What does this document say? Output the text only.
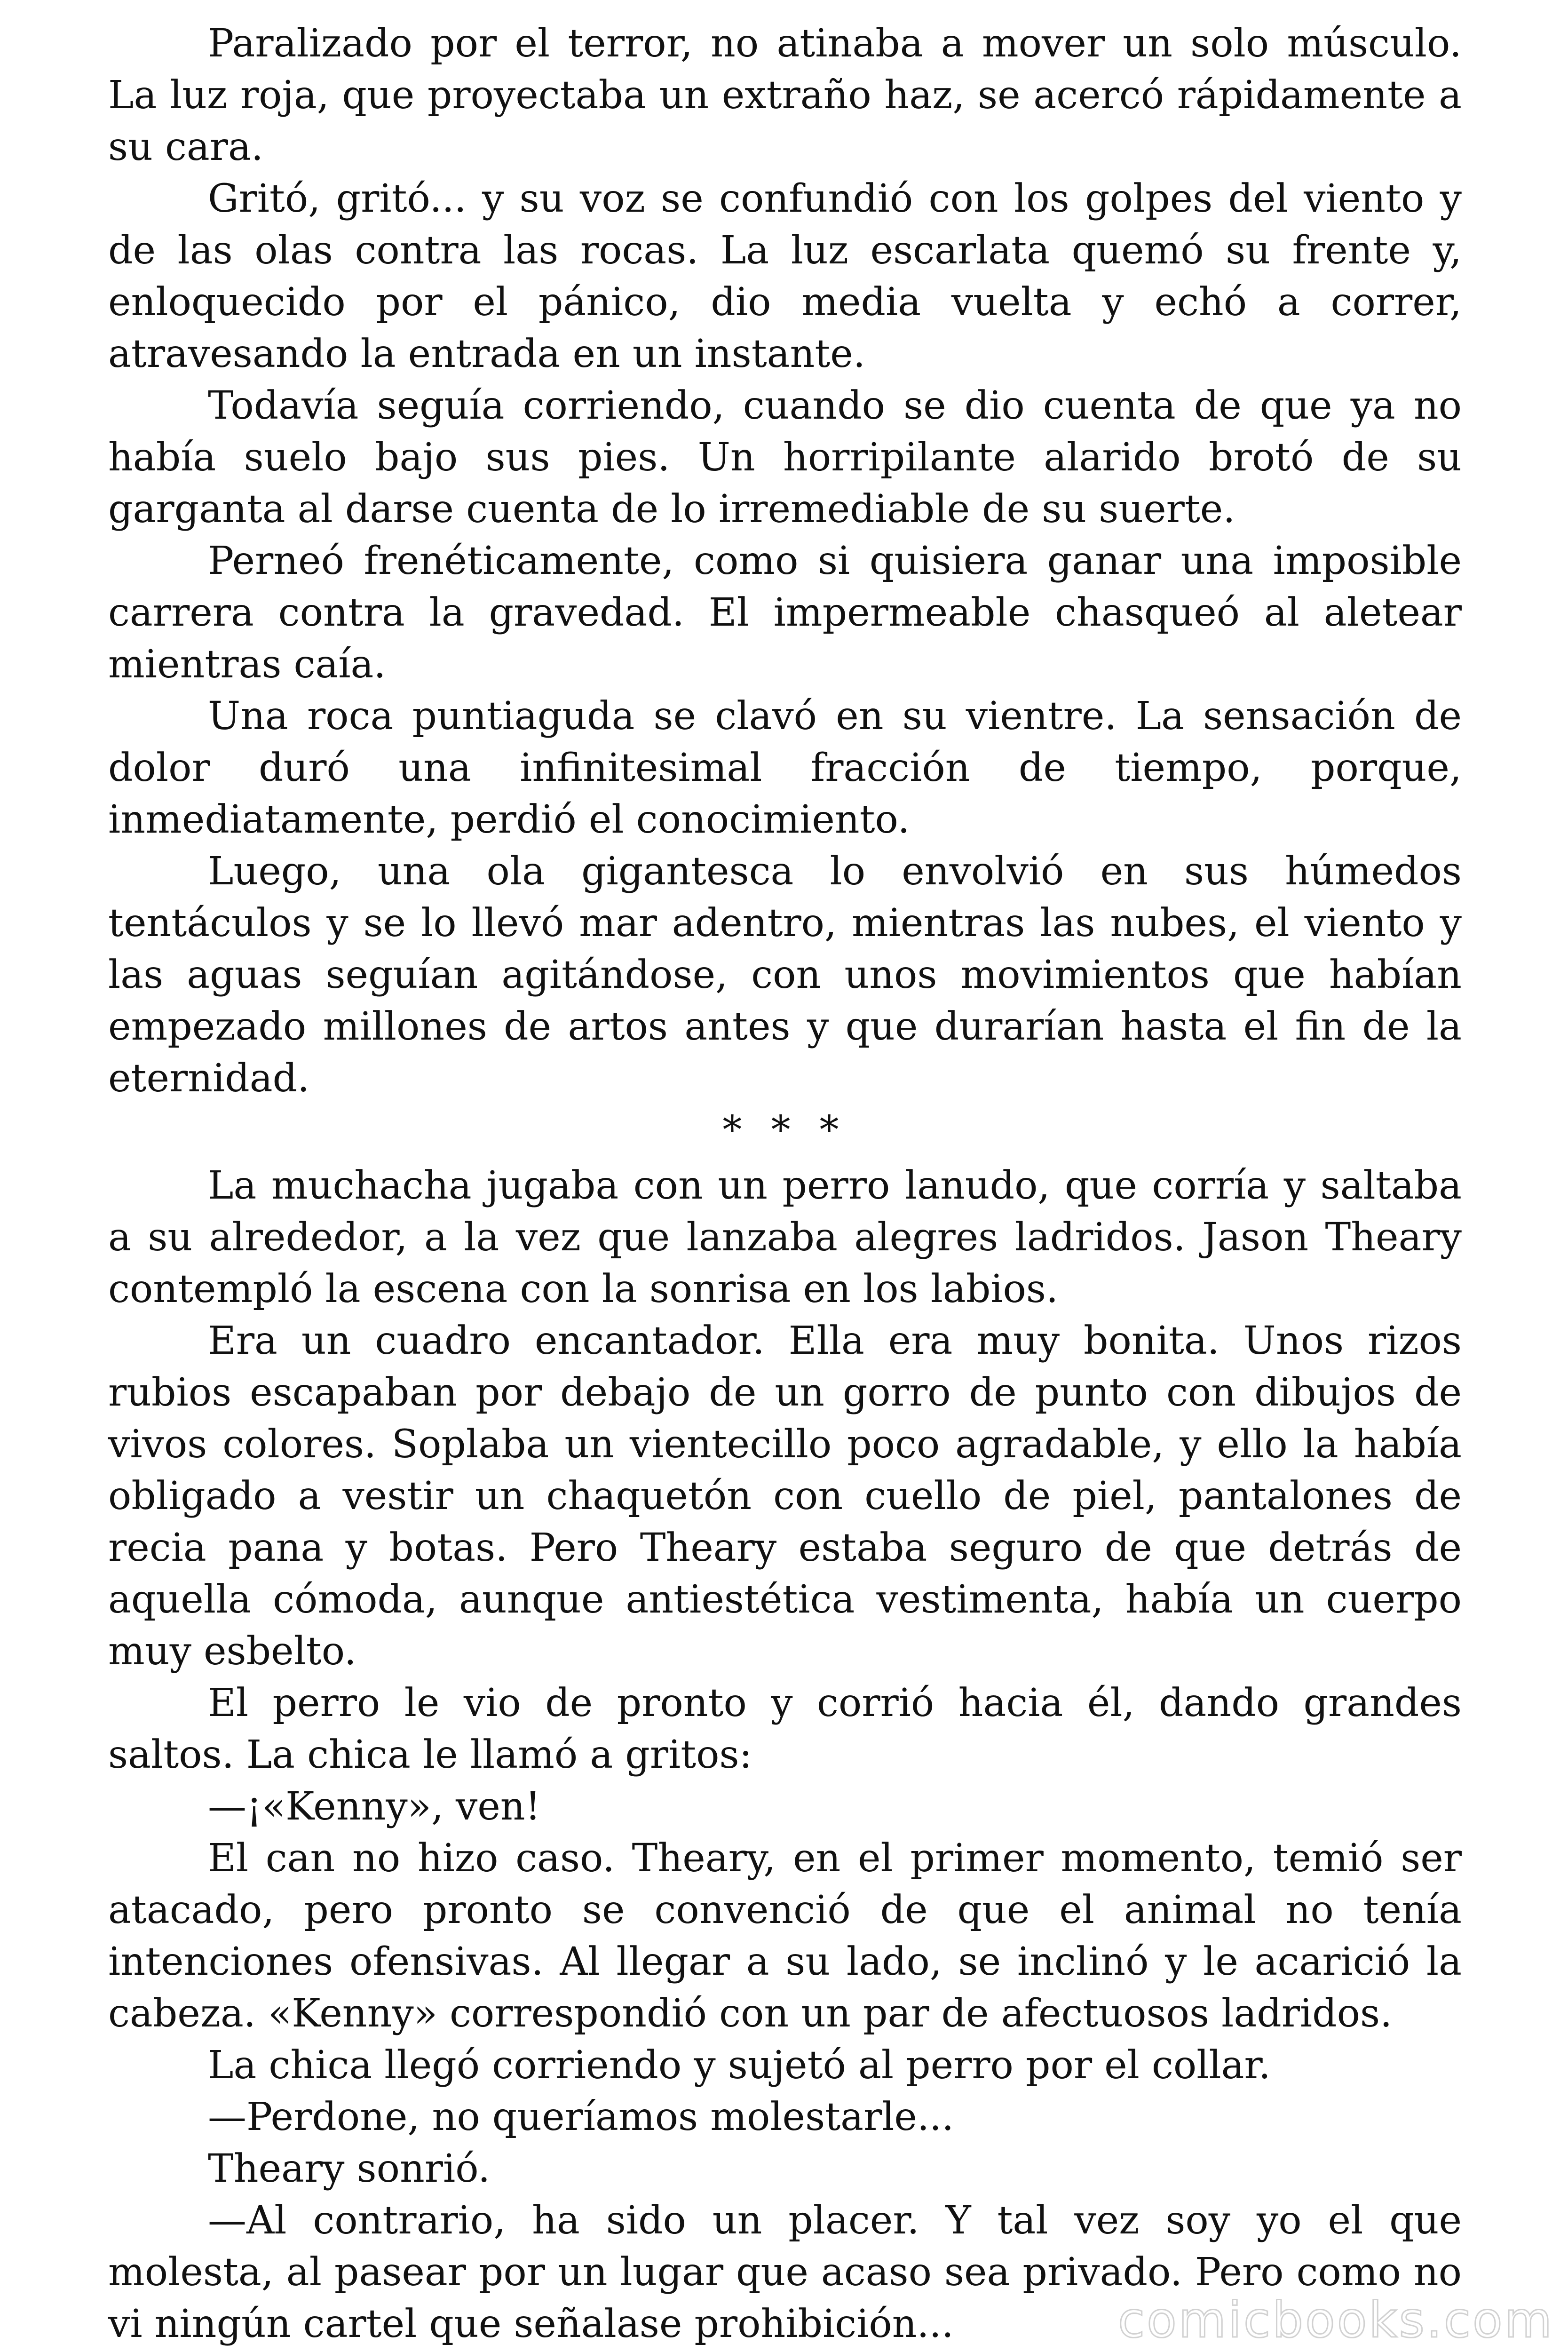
Paralizado por el terror, no atinaba a mover un solo músculo. La luz roja, que proyectaba un extraño haz, se acercó rápidamente a su cara.

Gritó, gritó... y su voz se confundió con los golpes del viento y de las olas contra las rocas. La luz escarlata quemó su frente y, enloquecido por el pánico, dio media vuelta y echó a correr, atravesando la entrada en un instante.

Todavía seguía corriendo, cuando se dio cuenta de que ya no había suelo bajo sus pies. Un horripilante alarido brotó de su garganta al darse cuenta de lo irremediable de su suerte.

Perneó frenéticamente, como si quisiera ganar una imposible carrera contra la gravedad. El impermeable chasqueó al aletear mientras caía.

Una roca puntiaguda se clavó en su vientre. La sensación de dolor duró una infinitesimal fracción de tiempo, porque, inmediatamente, perdió el conocimiento.

Luego, una ola gigantesca lo envolvió en sus húmedos tentáculos y se lo llevó mar adentro, mientras las nubes, el viento y las aguas seguían agitándose, con unos movimientos que habían empezado millones de artos antes y que durarían hasta el fin de la eternidad.

* * *

La muchacha jugaba con un perro lanudo, que corría y saltaba a su alrededor, a la vez que lanzaba alegres ladridos. Jason Theary contempló la escena con la sonrisa en los labios.

Era un cuadro encantador. Ella era muy bonita. Unos rizos rubios escapaban por debajo de un gorro de punto con dibujos de vivos colores. Soplaba un vientecillo poco agradable, y ello la había obligado a vestir un chaquetón con cuello de piel, pantalones de recia pana y botas. Pero Theary estaba seguro de que detrás de aquella cómoda, aunque antiestética vestimenta, había un cuerpo muy esbelto.

El perro le vio de pronto y corrió hacia él, dando grandes saltos. La chica le llamó a gritos:

—¡«Kenny», ven!

El can no hizo caso. Theary, en el primer momento, temió ser atacado, pero pronto se convenció de que el animal no tenía intenciones ofensivas. Al llegar a su lado, se inclinó y le acarició la cabeza. «Kenny» correspondió con un par de afectuosos ladridos.

La chica llegó corriendo y sujetó al perro por el collar.

—Perdone, no queríamos molestarle...

Theary sonrió.

—Al contrario, ha sido un placer. Y tal vez soy yo el que molesta, al pasear por un lugar que acaso sea privado. Pero como no vi ningún cartel que señalase prohibición...	comicbooks.com
